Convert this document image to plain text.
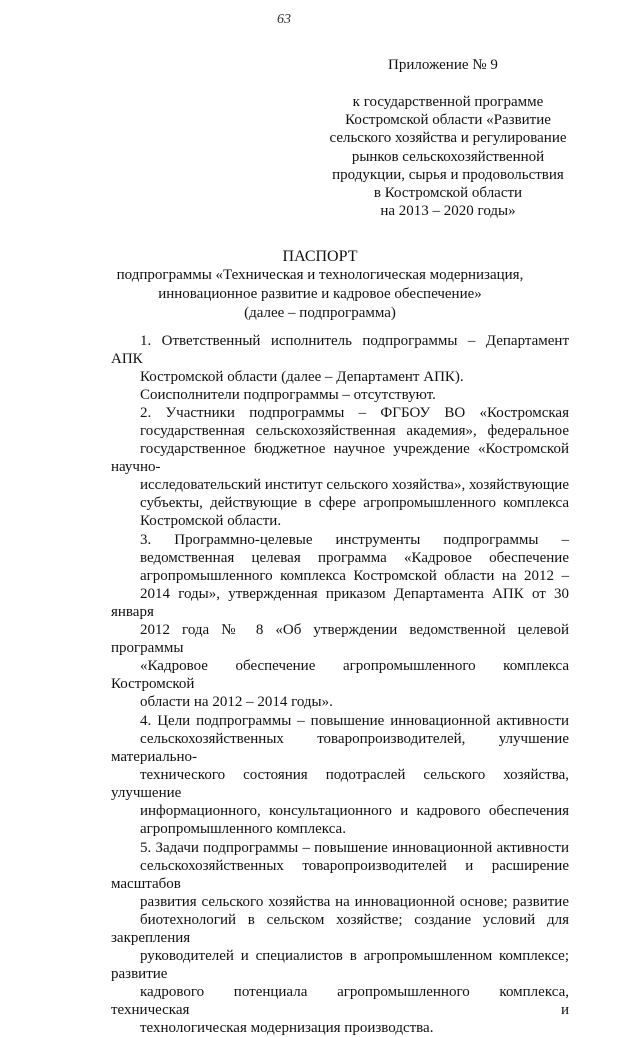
63
Приложение № 9
к государственной программе
Костромской области «Развитие
сельского хозяйства и регулирование
рынков сельскохозяйственной
продукции, сырья и продовольствия
в Костромской области
на 2013 – 2020 годы»
ПАСПОРТ
подпрограммы «Техническая и технологическая модернизация,
инновационное развитие и кадровое обеспечение»
(далее – подпрограмма)

1. Ответственный исполнитель подпрограммы – Департамент АПК
Костромской области (далее – Департамент АПК).

Соисполнители подпрограммы – отсутствуют.

2. Участники подпрограммы – ФГБОУ ВО «Костромская
государственная сельскохозяйственная академия», федеральное
государственное бюджетное научное учреждение «Костромской научно-
исследовательский институт сельского хозяйства», хозяйствующие
субъекты, действующие в сфере агропромышленного комплекса
Костромской области.

3. Программно-целевые инструменты подпрограммы –
ведомственная целевая программа «Кадровое обеспечение
агропромышленного комплекса Костромской области на 2012 –
2014 годы», утвержденная приказом Департамента АПК от 30 января
2012 года № 8 «Об утверждении ведомственной целевой программы
«Кадровое обеспечение агропромышленного комплекса Костромской
области на 2012 – 2014 годы».

4. Цели подпрограммы – повышение инновационной активности
сельскохозяйственных товаропроизводителей, улучшение материально-
технического состояния подотраслей сельского хозяйства, улучшение
информационного, консультационного и кадрового обеспечения
агропромышленного комплекса.

5. Задачи подпрограммы – повышение инновационной активности
сельскохозяйственных товаропроизводителей и расширение масштабов
развития сельского хозяйства на инновационной основе; развитие
биотехнологий в сельском хозяйстве; создание условий для закрепления
руководителей и специалистов в агропромышленном комплексе; развитие
кадрового потенциала агропромышленного комплекса, техническая и
технологическая модернизация производства.
